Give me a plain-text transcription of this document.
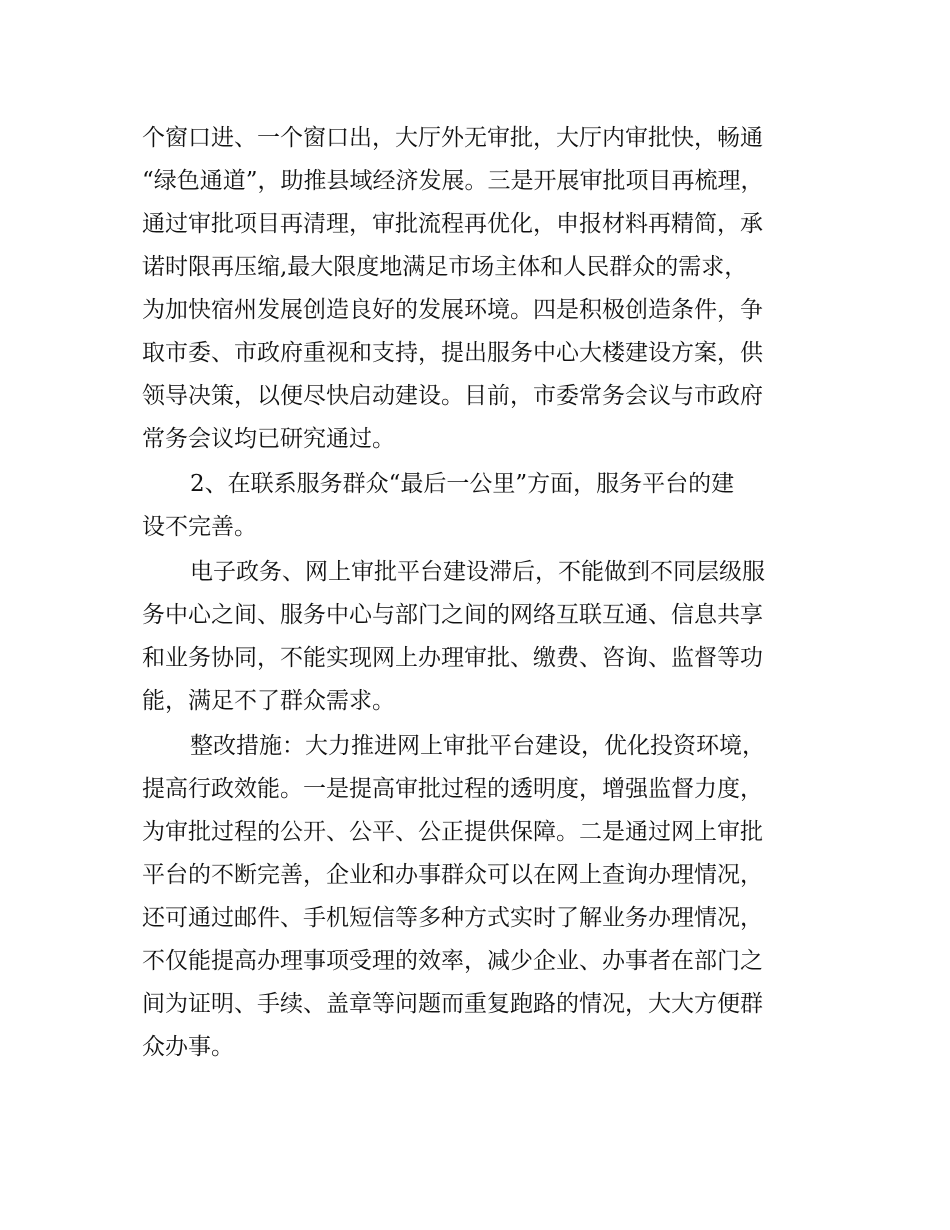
个窗口进、一个窗口出，大厅外无审批，大厅内审批快，畅通

“绿色通道”，助推县域经济发展。三是开展审批项目再梳理，

通过审批项目再清理，审批流程再优化，申报材料再精简，承

诺时限再压缩,最大限度地满足市场主体和人民群众的需求，

为加快宿州发展创造良好的发展环境。四是积极创造条件，争

取市委、市政府重视和支持，提出服务中心大楼建设方案，供

领导决策，以便尽快启动建设。目前，市委常务会议与市政府

常务会议均已研究通过。

2、在联系服务群众“最后一公里”方面，服务平台的建

设不完善。

电子政务、网上审批平台建设滞后，不能做到不同层级服

务中心之间、服务中心与部门之间的网络互联互通、信息共享

和业务协同，不能实现网上办理审批、缴费、咨询、监督等功

能，满足不了群众需求。

整改措施：大力推进网上审批平台建设，优化投资环境，

提高行政效能。一是提高审批过程的透明度，增强监督力度，

为审批过程的公开、公平、公正提供保障。二是通过网上审批

平台的不断完善，企业和办事群众可以在网上查询办理情况，

还可通过邮件、手机短信等多种方式实时了解业务办理情况，

不仅能提高办理事项受理的效率，减少企业、办事者在部门之

间为证明、手续、盖章等问题而重复跑路的情况，大大方便群

众办事。
